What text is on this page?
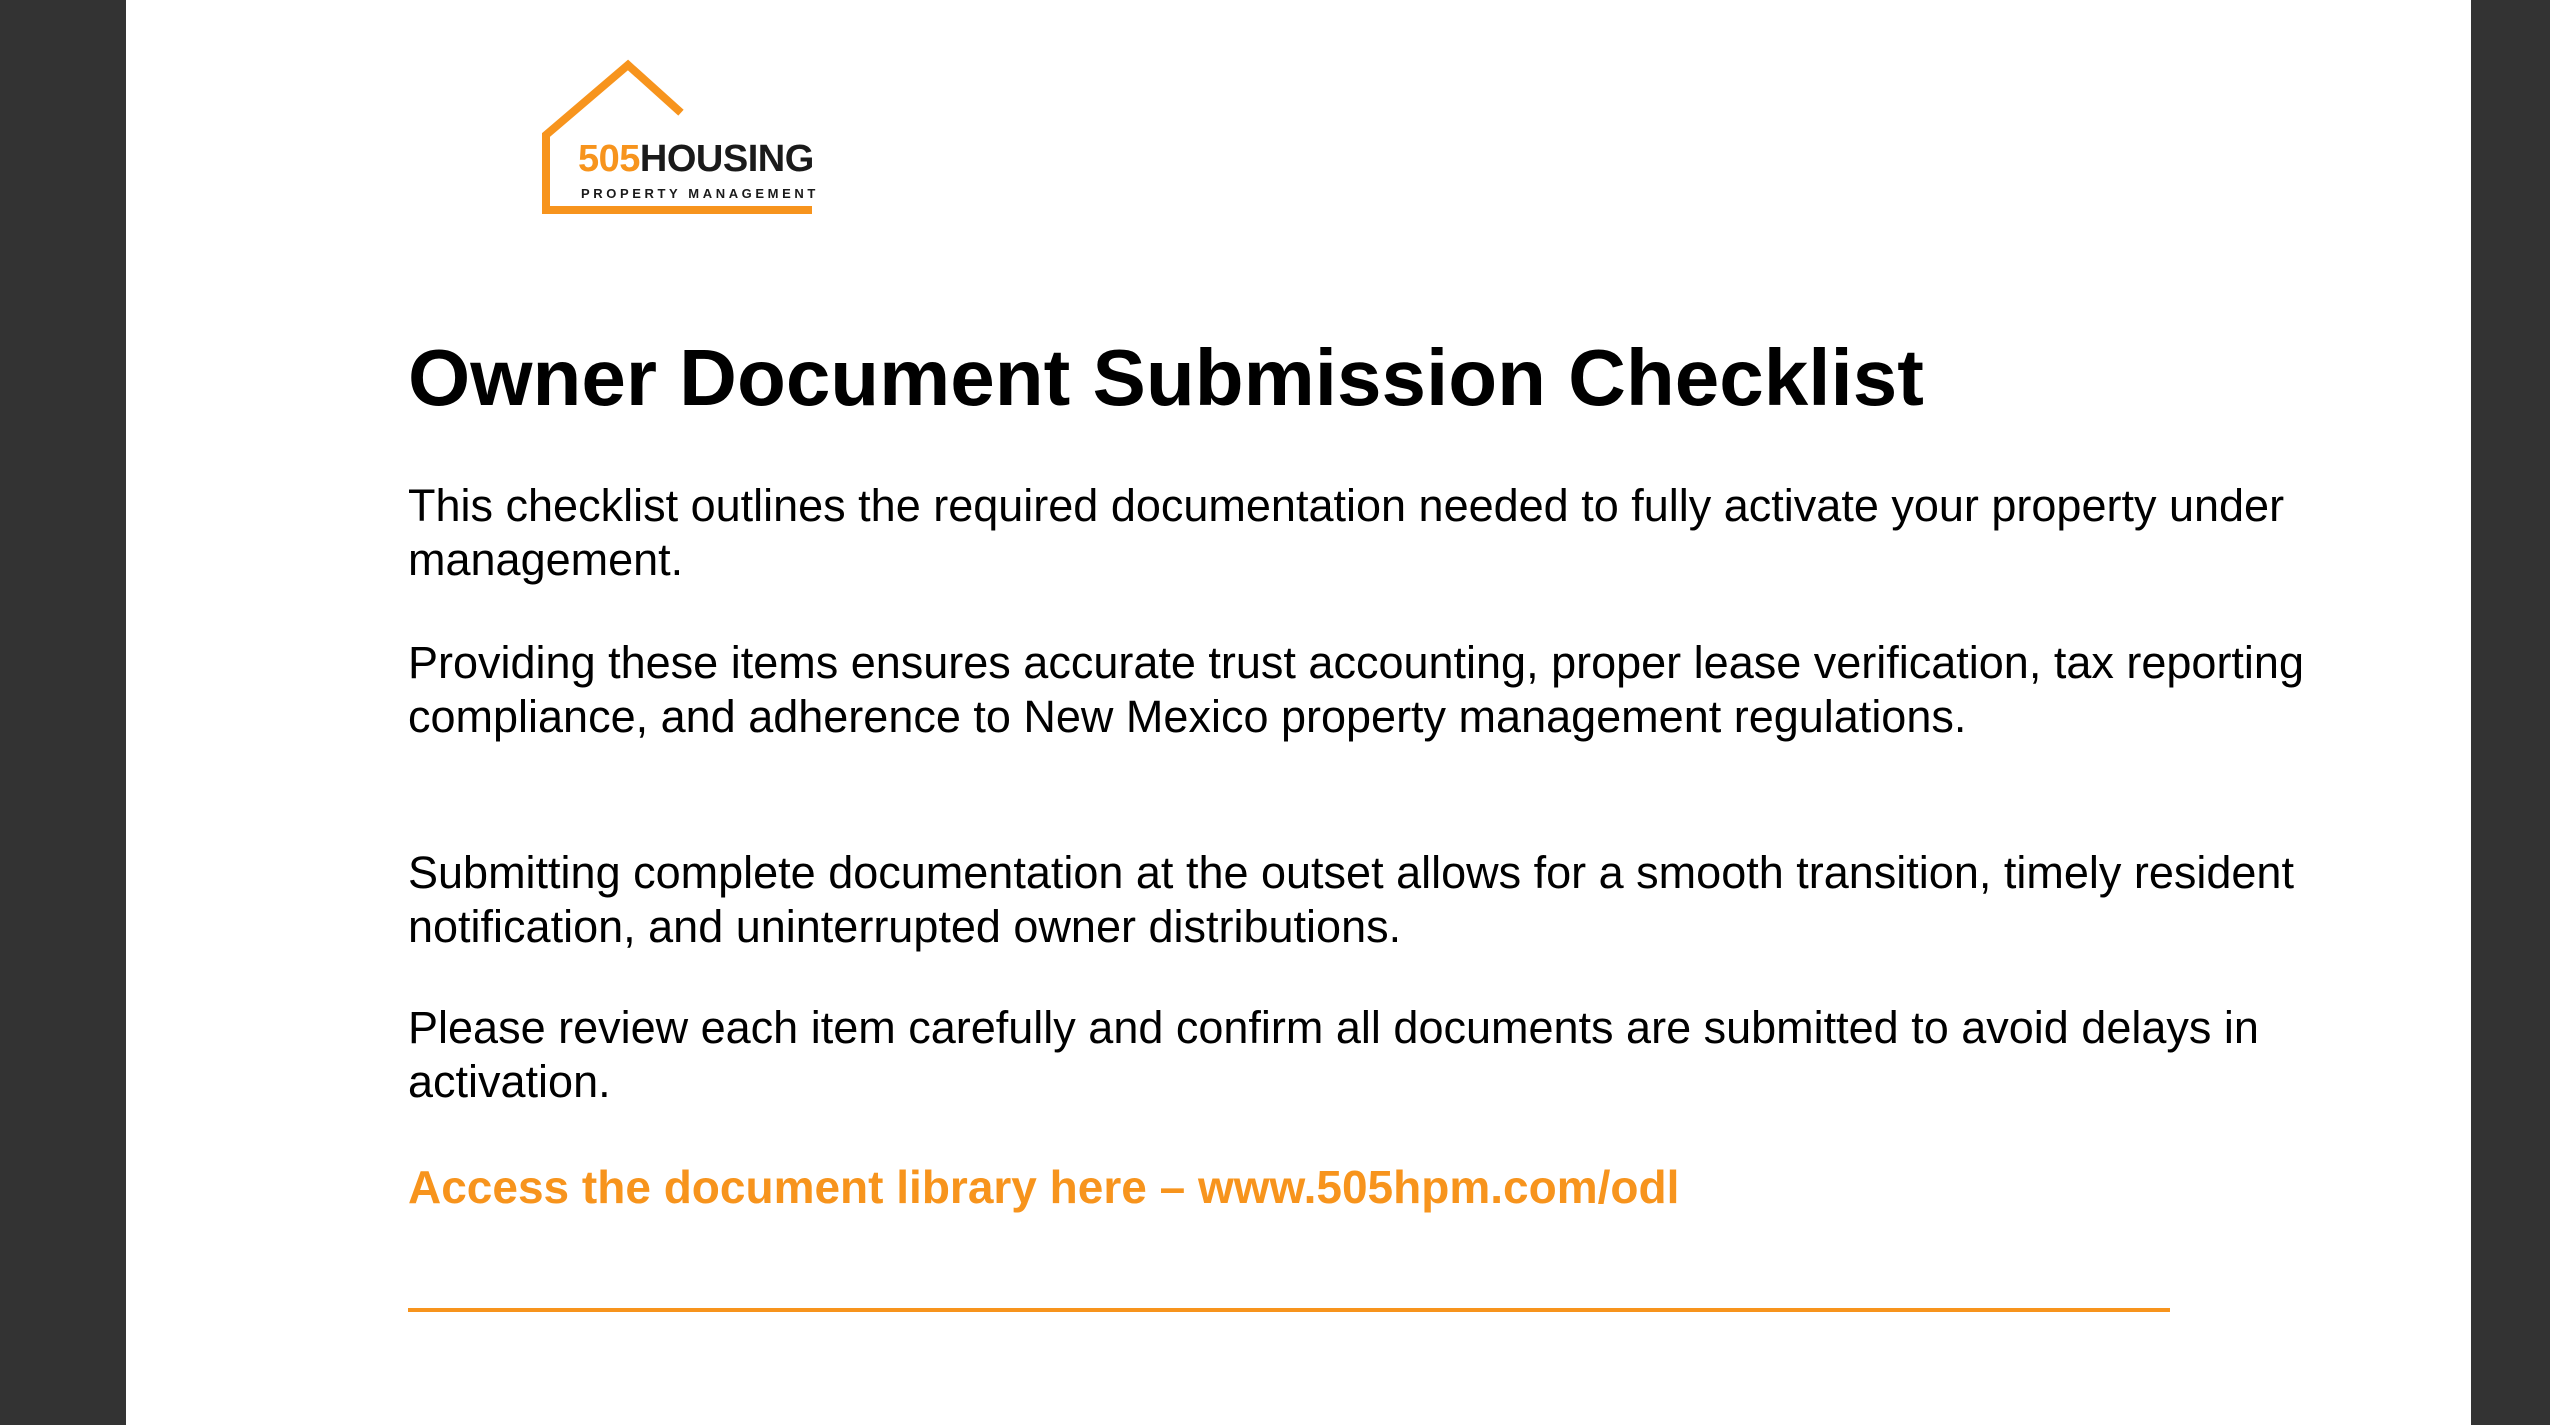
505HOUSING
PROPERTY MANAGEMENT
Owner Document Submission Checklist

This checklist outlines the required documentation needed to fully activate your property under management.

Providing these items ensures accurate trust accounting, proper lease verification, tax reporting compliance, and adherence to New Mexico property management regulations.

Submitting complete documentation at the outset allows for a smooth transition, timely resident notification, and uninterrupted owner distributions.

Please review each item carefully and confirm all documents are submitted to avoid delays in activation.

Access the document library here – www.505hpm.com/odl
